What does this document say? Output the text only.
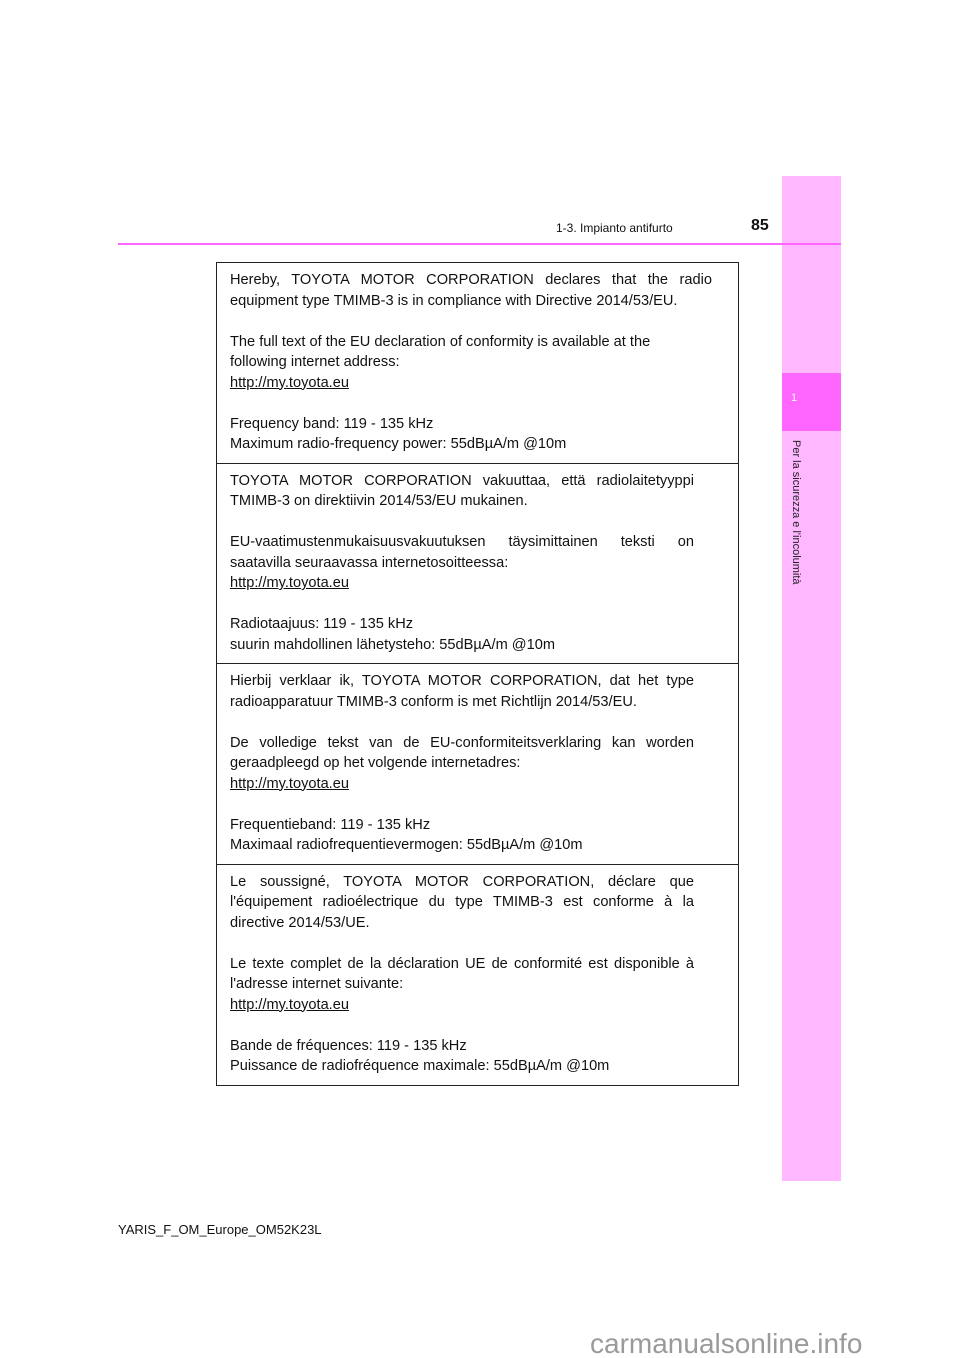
1
Per la sicurezza e l'incolumità
1-3. Impianto antifurto	85
Hereby, TOYOTA MOTOR CORPORATION declares that the radio
equipment type TMIMB-3 is in compliance with Directive 2014/53/EU.
The full text of the EU declaration of conformity is available at the
following internet address:
http://my.toyota.eu
Frequency band: 119 - 135 kHz
Maximum radio-frequency power: 55dBµA/m @10m
TOYOTA MOTOR CORPORATION vakuuttaa, että radiolaitetyyppi
TMIMB-3 on direktiivin 2014/53/EU mukainen.
EU-vaatimustenmukaisuusvakuutuksen täysimittainen teksti on
saatavilla seuraavassa internetosoitteessa:
http://my.toyota.eu
Radiotaajuus: 119 - 135 kHz
suurin mahdollinen lähetysteho: 55dBµA/m @10m
Hierbij verklaar ik, TOYOTA MOTOR CORPORATION, dat het type
radioapparatuur TMIMB-3 conform is met Richtlijn 2014/53/EU.
De volledige tekst van de EU-conformiteitsverklaring kan worden
geraadpleegd op het volgende internetadres:
http://my.toyota.eu
Frequentieband: 119 - 135 kHz
Maximaal radiofrequentievermogen: 55dBµA/m @10m
Le soussigné, TOYOTA MOTOR CORPORATION, déclare que
l'équipement radioélectrique du type TMIMB-3 est conforme à la
directive 2014/53/UE.
Le texte complet de la déclaration UE de conformité est disponible à
l'adresse internet suivante:
http://my.toyota.eu
Bande de fréquences: 119 - 135 kHz
Puissance de radiofréquence maximale: 55dBµA/m @10m
YARIS_F_OM_Europe_OM52K23L
carmanualsonline.info
